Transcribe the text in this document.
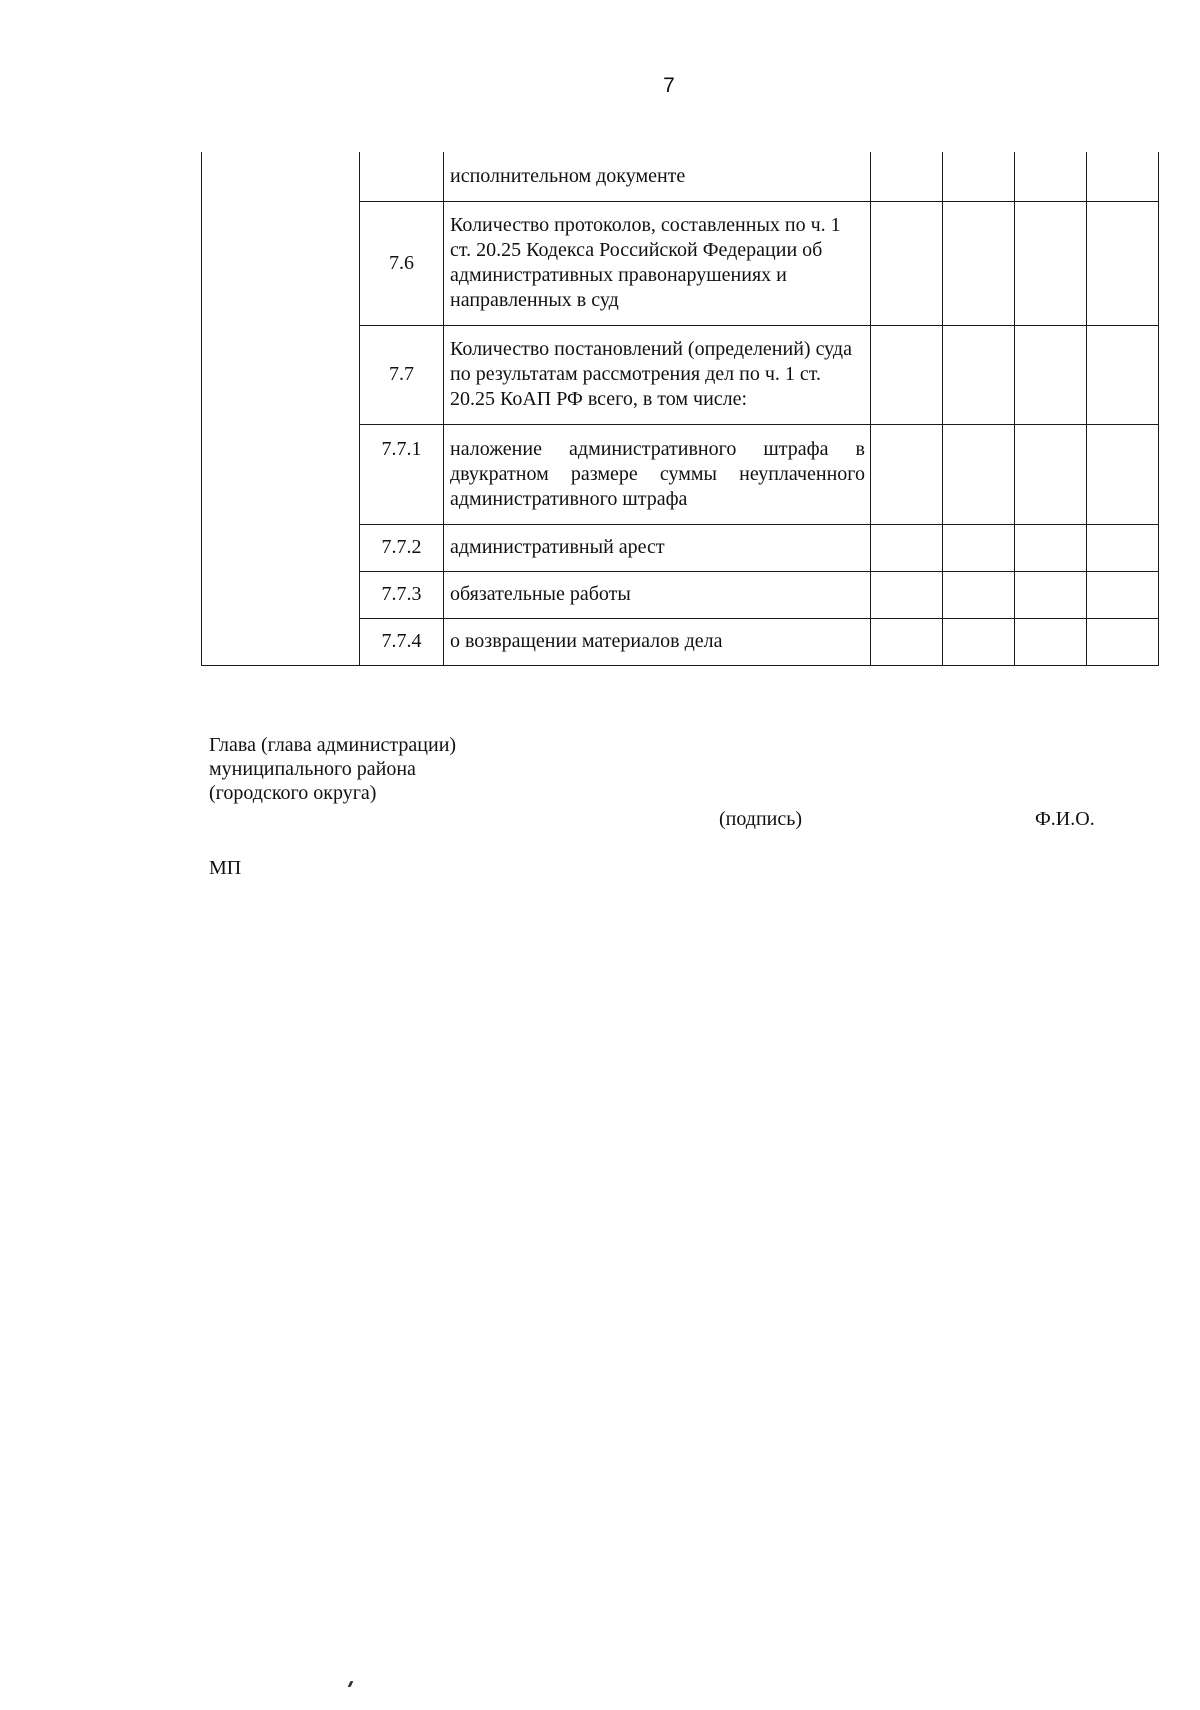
7
		исполнительном документе				
	7.6	Количество протоколов, составленных по ч. 1 ст. 20.25 Кодекса Российской Федерации об административных правонарушениях и направленных в суд				
	7.7	Количество постановлений (определений) суда по результатам рассмотрения дел по ч. 1 ст. 20.25 КоАП РФ всего, в том числе:				
	7.7.1	наложение административного штрафа в двукратном размере суммы неуплаченного административного штрафа				
	7.7.2	административный арест				
	7.7.3	обязательные работы				
	7.7.4	о возвращении материалов дела				
Глава (глава администрации)
муниципального района
(городского округа)
(подпись)	Ф.И.О.
МП
